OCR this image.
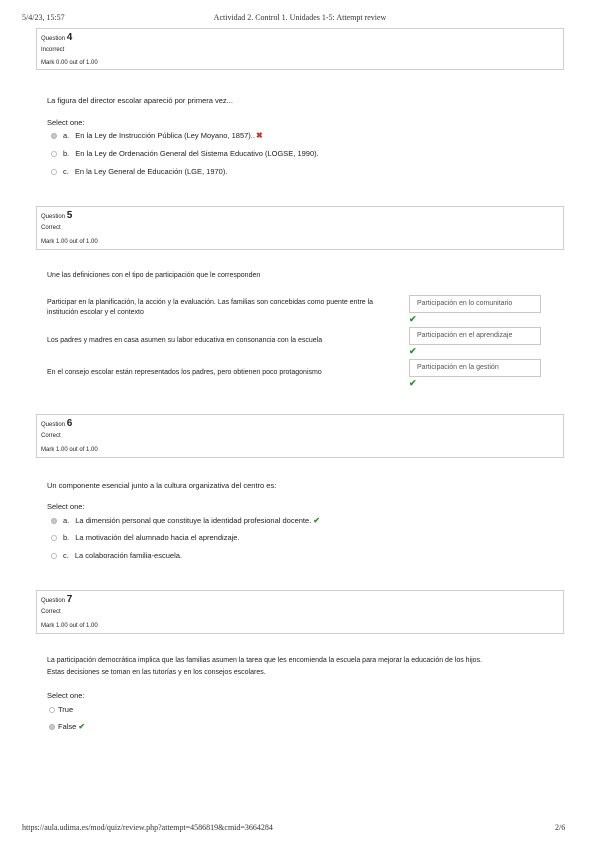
5/4/23, 15:57	Actividad 2. Control 1. Unidades 1-5: Attempt review
Question 4
Incorrect
Mark 0.00 out of 1.00
La figura del director escolar apareció por primera vez...
Select one:
a. En la Ley de Instrucción Pública (Ley Moyano, 1857).. ✖
b. En la Ley de Ordenación General del Sistema Educativo (LOGSE, 1990).
c. En la Ley General de Educación (LGE, 1970).
Question 5
Correct
Mark 1.00 out of 1.00
Une las definiciones con el tipo de participación que le corresponden
Participar en la planificación, la acción y la evaluación. Las familias son concebidas como puente entre la institución escolar y el contexto
Participación en lo comunitario
✔
Los padres y madres en casa asumen su labor educativa en consonancia con la escuela
Participación en el aprendizaje
✔
En el consejo escolar están representados los padres, pero obtienen poco protagonismo
Participación en la gestión
✔
Question 6
Correct
Mark 1.00 out of 1.00
Un componente esencial junto a la cultura organizativa del centro es:
Select one:
a. La dimensión personal que constituye la identidad profesional docente. ✔
b. La motivación del alumnado hacia el aprendizaje.
c. La colaboración familia-escuela.
Question 7
Correct
Mark 1.00 out of 1.00
La participación democrática implica que las familias asumen la tarea que les encomienda la escuela para mejorar la educación de los hijos.
Estas decisiones se toman en las tutorías y en los consejos escolares.
Select one:
True
False ✔
https://aula.udima.es/mod/quiz/review.php?attempt=4586819&cmid=3664284	2/6
